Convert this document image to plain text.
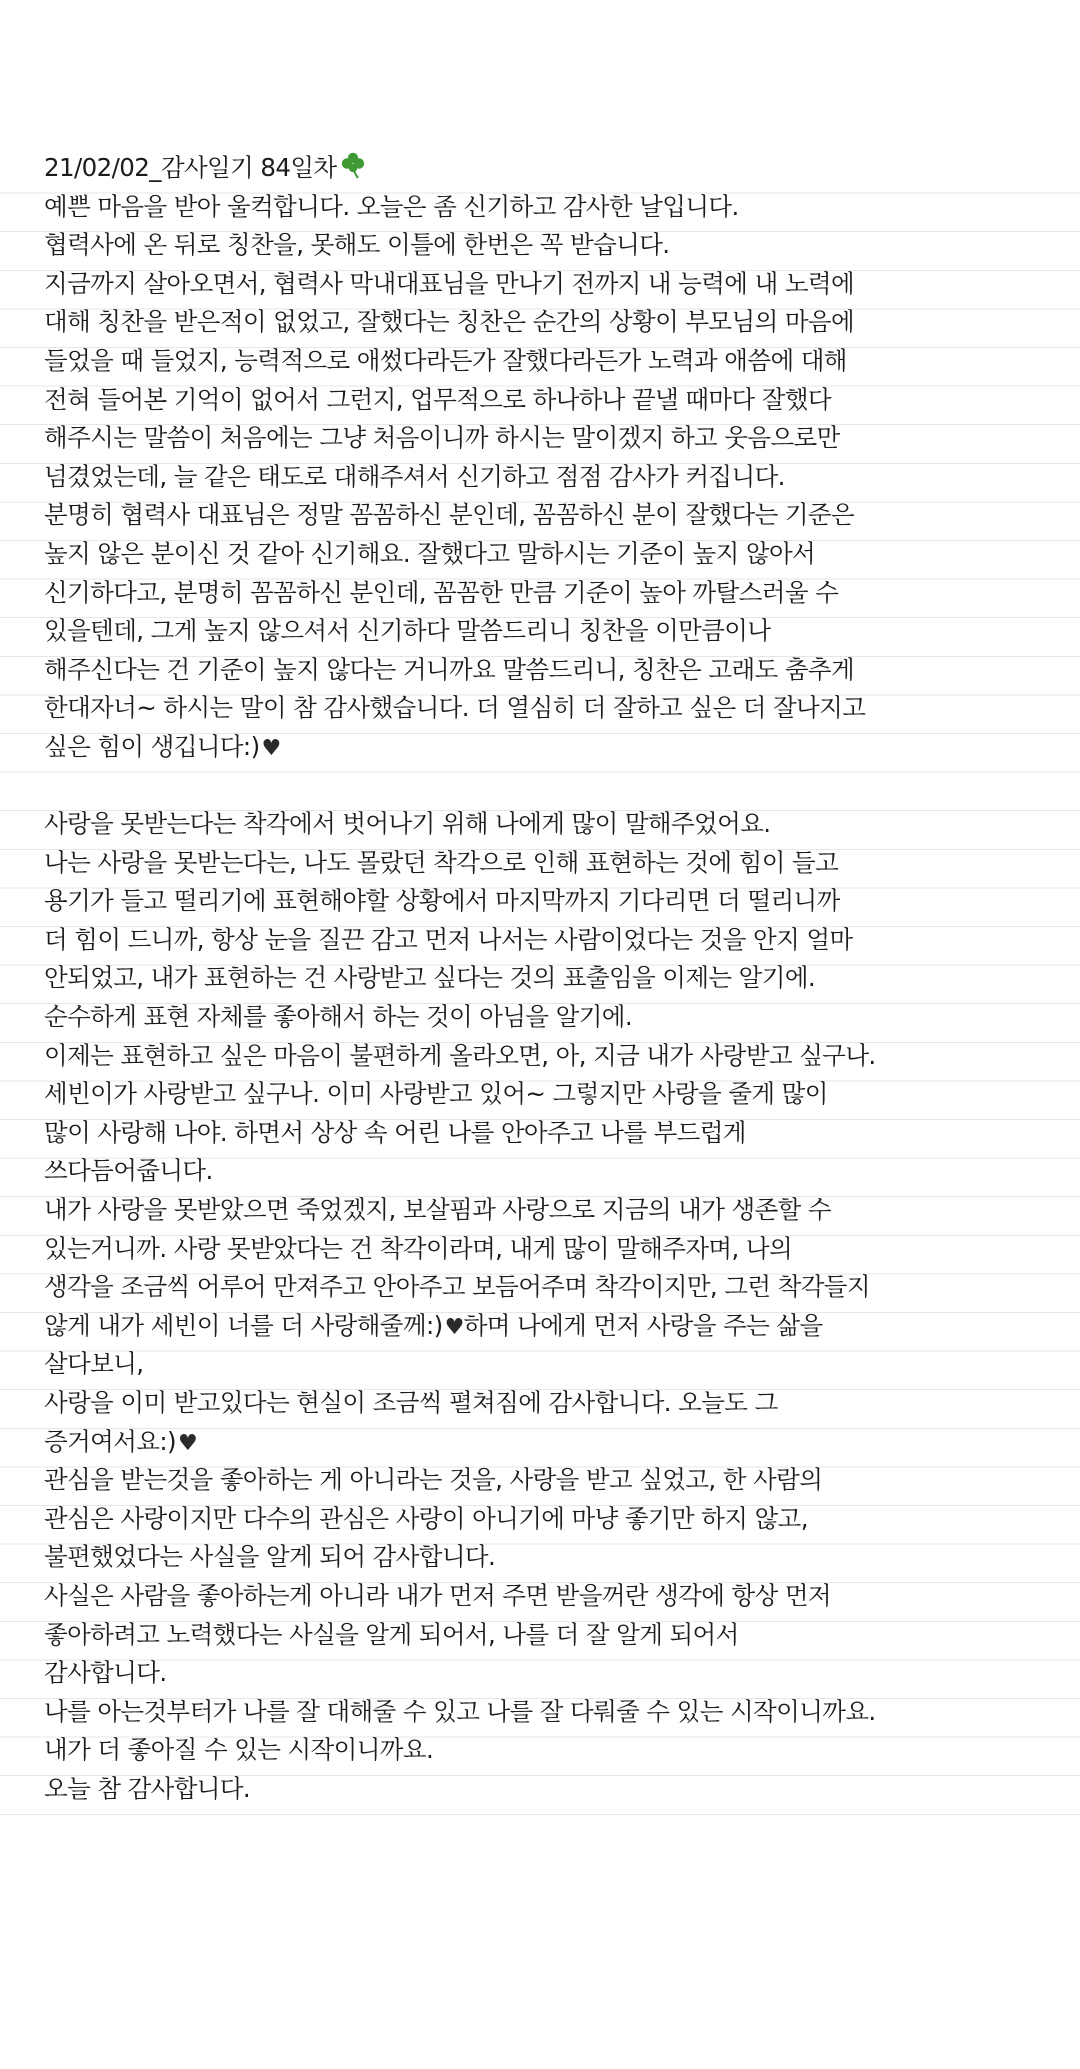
21/02/02_감사일기 84일차
예쁜 마음을 받아 울컥합니다. 오늘은 좀 신기하고 감사한 날입니다.
협력사에 온 뒤로 칭찬을, 못해도 이틀에 한번은 꼭 받습니다.
지금까지 살아오면서, 협력사 막내대표님을 만나기 전까지 내 능력에 내 노력에
대해 칭찬을 받은적이 없었고, 잘했다는 칭찬은 순간의 상황이 부모님의 마음에
들었을 때 들었지, 능력적으로 애썼다라든가 잘했다라든가 노력과 애씀에 대해
전혀 들어본 기억이 없어서 그런지, 업무적으로 하나하나 끝낼 때마다 잘했다
해주시는 말씀이 처음에는 그냥 처음이니까 하시는 말이겠지 하고 웃음으로만
넘겼었는데, 늘 같은 태도로 대해주셔서 신기하고 점점 감사가 커집니다.
분명히 협력사 대표님은 정말 꼼꼼하신 분인데, 꼼꼼하신 분이 잘했다는 기준은
높지 않은 분이신 것 같아 신기해요. 잘했다고 말하시는 기준이 높지 않아서
신기하다고, 분명히 꼼꼼하신 분인데, 꼼꼼한 만큼 기준이 높아 까탈스러울 수
있을텐데, 그게 높지 않으셔서 신기하다 말씀드리니 칭찬을 이만큼이나
해주신다는 건 기준이 높지 않다는 거니까요 말씀드리니, 칭찬은 고래도 춤추게
한대자너~ 하시는 말이 참 감사했습니다. 더 열심히 더 잘하고 싶은 더 잘나지고
싶은 힘이 생깁니다:)♥
사랑을 못받는다는 착각에서 벗어나기 위해 나에게 많이 말해주었어요.
나는 사랑을 못받는다는, 나도 몰랐던 착각으로 인해 표현하는 것에 힘이 들고
용기가 들고 떨리기에 표현해야할 상황에서 마지막까지 기다리면 더 떨리니까
더 힘이 드니까, 항상 눈을 질끈 감고 먼저 나서는 사람이었다는 것을 안지 얼마
안되었고, 내가 표현하는 건 사랑받고 싶다는 것의 표출임을 이제는 알기에.
순수하게 표현 자체를 좋아해서 하는 것이 아님을 알기에.
이제는 표현하고 싶은 마음이 불편하게 올라오면, 아, 지금 내가 사랑받고 싶구나.
세빈이가 사랑받고 싶구나. 이미 사랑받고 있어~ 그렇지만 사랑을 줄게 많이
많이 사랑해 나야. 하면서 상상 속 어린 나를 안아주고 나를 부드럽게
쓰다듬어줍니다.
내가 사랑을 못받았으면 죽었겠지, 보살핌과 사랑으로 지금의 내가 생존할 수
있는거니까. 사랑 못받았다는 건 착각이라며, 내게 많이 말해주자며, 나의
생각을 조금씩 어루어 만져주고 안아주고 보듬어주며 착각이지만, 그런 착각들지
않게 내가 세빈이 너를 더 사랑해줄께:)♥하며 나에게 먼저 사랑을 주는 삶을
살다보니,
사랑을 이미 받고있다는 현실이 조금씩 펼쳐짐에 감사합니다. 오늘도 그
증거여서요:)♥
관심을 받는것을 좋아하는 게 아니라는 것을, 사랑을 받고 싶었고, 한 사람의
관심은 사랑이지만 다수의 관심은 사랑이 아니기에 마냥 좋기만 하지 않고,
불편했었다는 사실을 알게 되어 감사합니다.
사실은 사람을 좋아하는게 아니라 내가 먼저 주면 받을꺼란 생각에 항상 먼저
좋아하려고 노력했다는 사실을 알게 되어서, 나를 더 잘 알게 되어서
감사합니다.
나를 아는것부터가 나를 잘 대해줄 수 있고 나를 잘 다뤄줄 수 있는 시작이니까요.
내가 더 좋아질 수 있는 시작이니까요.
오늘 참 감사합니다.
